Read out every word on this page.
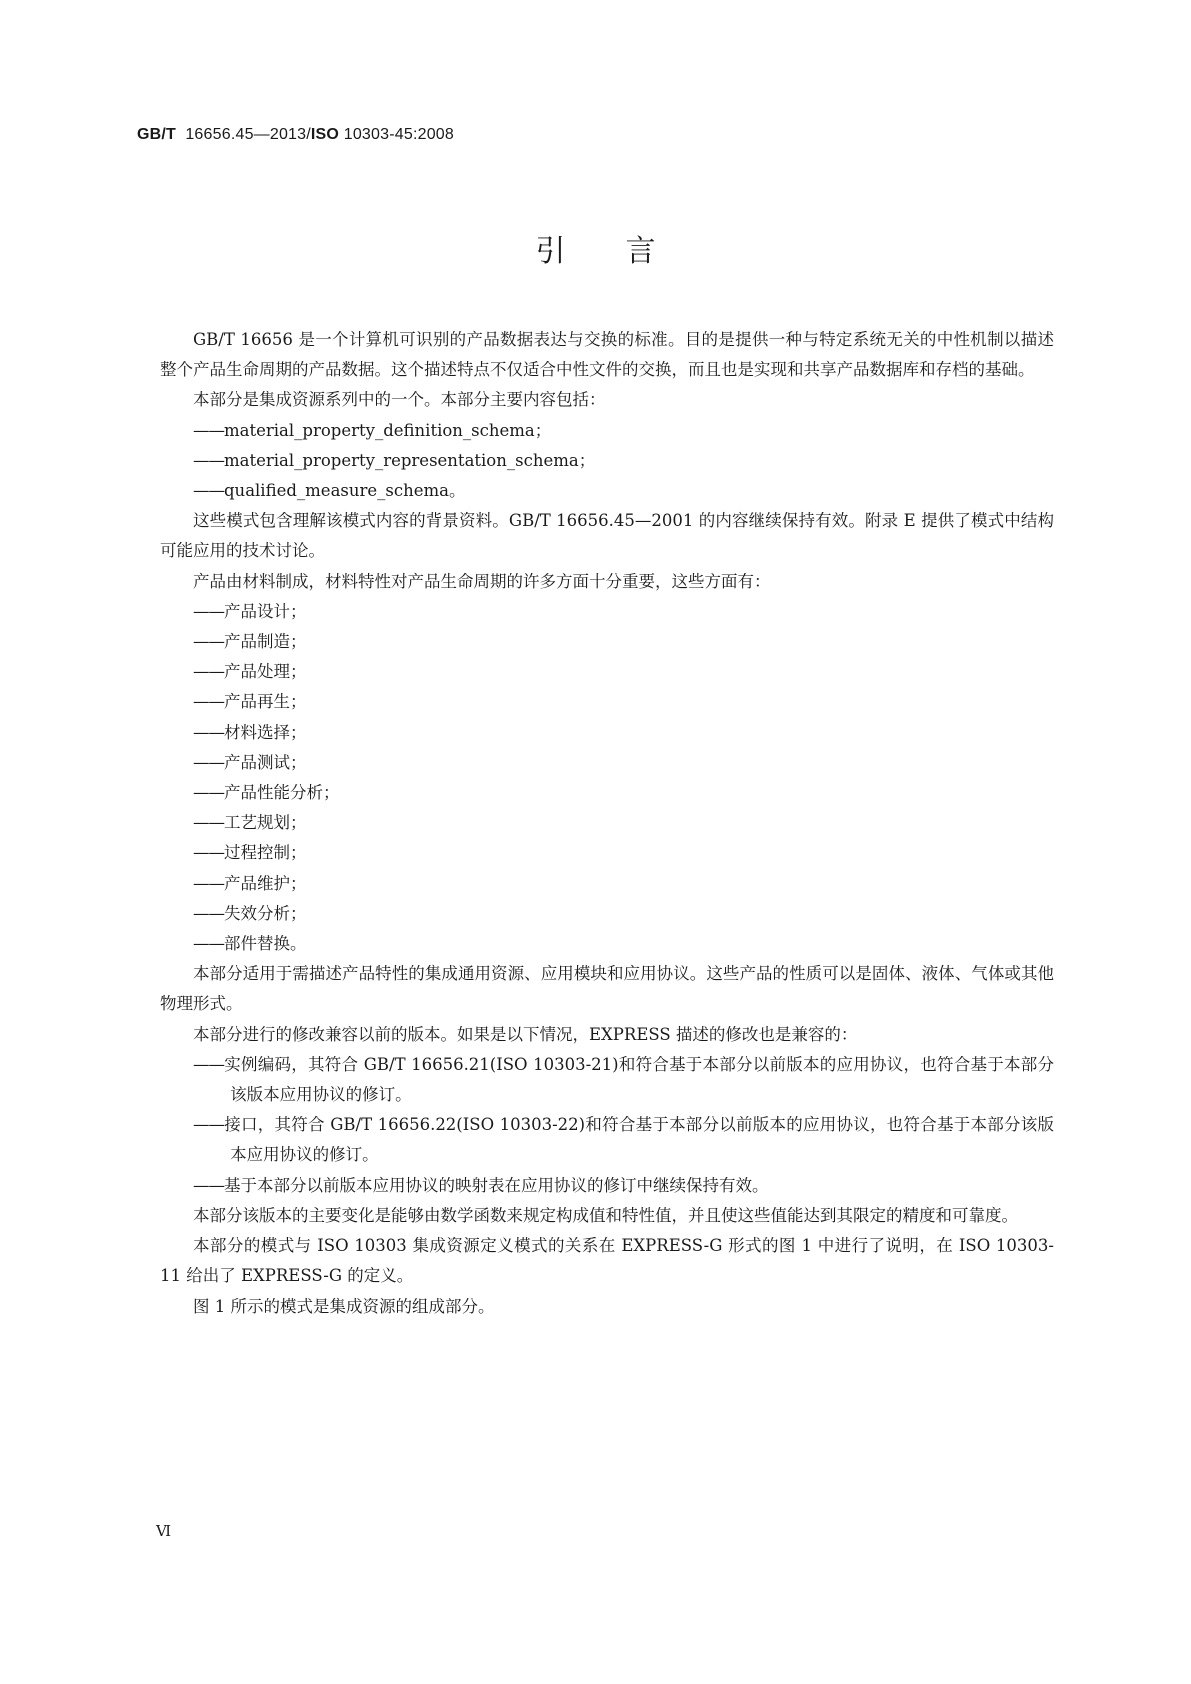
GB/T 16656.45—2013/ISO 10303-45:2008
引言

GB/T 16656 是一个计算机可识别的产品数据表达与交换的标准。目的是提供一种与特定系统无关的中性机制以描述整个产品生命周期的产品数据。这个描述特点不仅适合中性文件的交换，而且也是实现和共享产品数据库和存档的基础。

本部分是集成资源系列中的一个。本部分主要内容包括：

——material_property_definition_schema；

——material_property_representation_schema；

——qualified_measure_schema。

这些模式包含理解该模式内容的背景资料。GB/T 16656.45—2001 的内容继续保持有效。附录 E 提供了模式中结构可能应用的技术讨论。

产品由材料制成，材料特性对产品生命周期的许多方面十分重要，这些方面有：

——产品设计；

——产品制造；

——产品处理；

——产品再生；

——材料选择；

——产品测试；

——产品性能分析；

——工艺规划；

——过程控制；

——产品维护；

——失效分析；

——部件替换。

本部分适用于需描述产品特性的集成通用资源、应用模块和应用协议。这些产品的性质可以是固体、液体、气体或其他物理形式。

本部分进行的修改兼容以前的版本。如果是以下情况，EXPRESS 描述的修改也是兼容的：

——实例编码，其符合 GB/T 16656.21(ISO 10303-21)和符合基于本部分以前版本的应用协议，也符合基于本部分该版本应用协议的修订。

——接口，其符合 GB/T 16656.22(ISO 10303-22)和符合基于本部分以前版本的应用协议，也符合基于本部分该版本应用协议的修订。

——基于本部分以前版本应用协议的映射表在应用协议的修订中继续保持有效。

本部分该版本的主要变化是能够由数学函数来规定构成值和特性值，并且使这些值能达到其限定的精度和可靠度。

本部分的模式与 ISO 10303 集成资源定义模式的关系在 EXPRESS-G 形式的图 1 中进行了说明，在 ISO 10303-11 给出了 EXPRESS-G 的定义。

图 1 所示的模式是集成资源的组成部分。

Ⅵ
